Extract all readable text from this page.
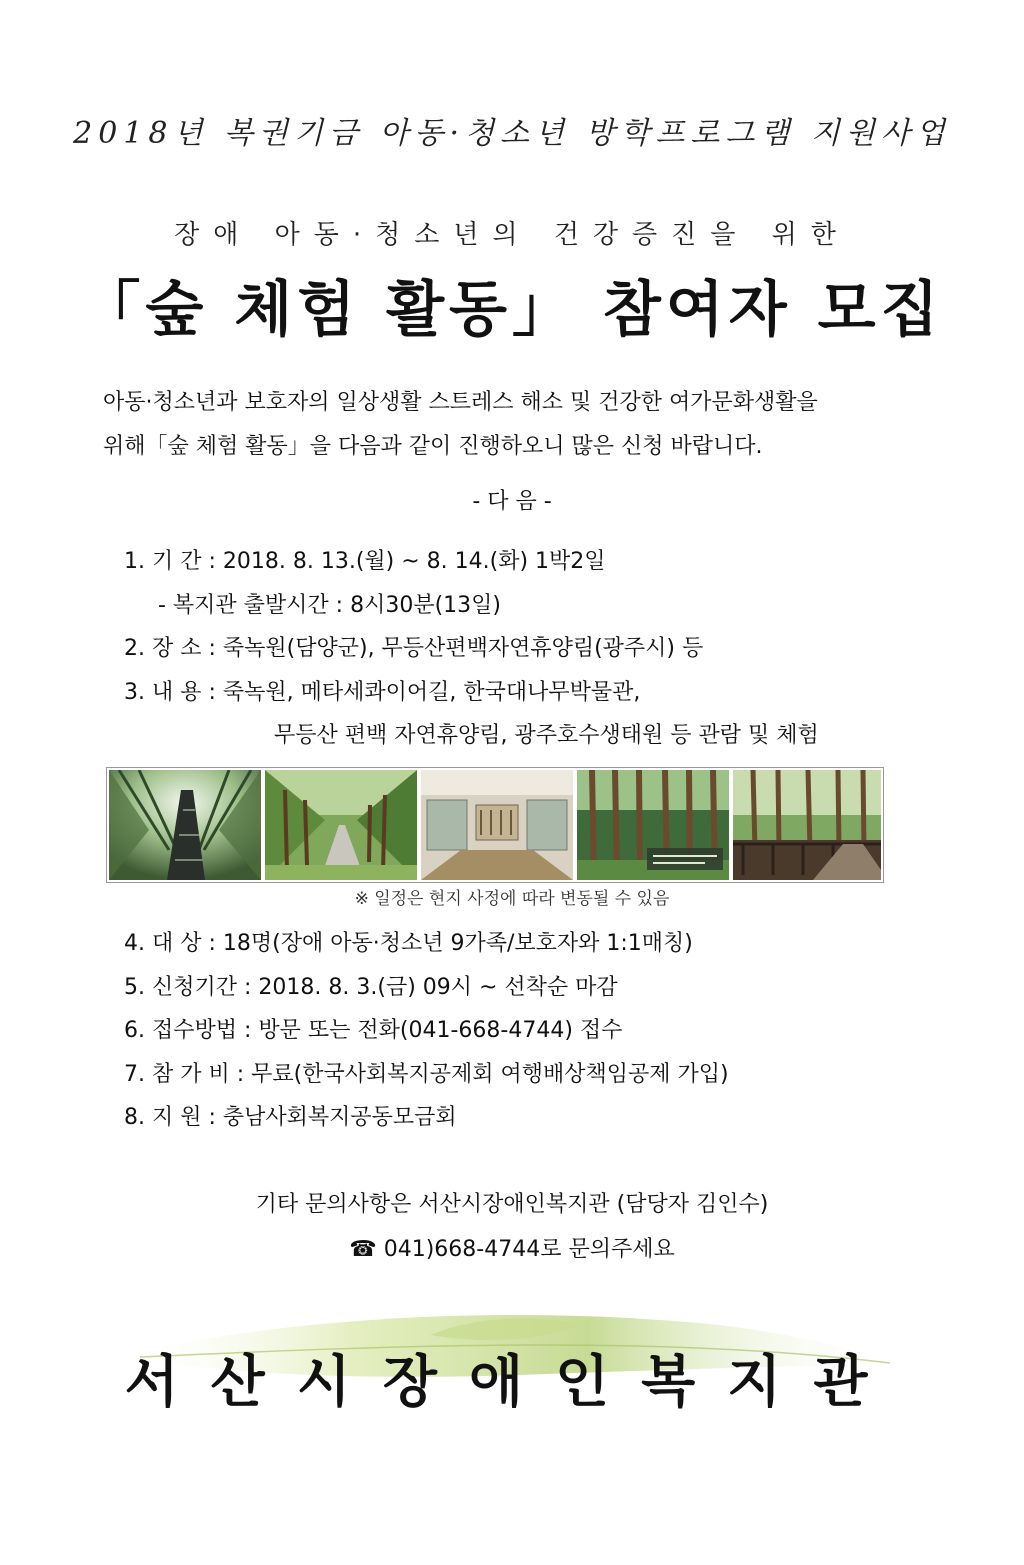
2018년 복권기금 아동·청소년 방학프로그램 지원사업
장애 아동·청소년의 건강증진을 위한
「숲 체험 활동」 참여자 모집
아동·청소년과 보호자의 일상생활 스트레스 해소 및 건강한 여가문화생활을
위해「숲 체험 활동」을 다음과 같이 진행하오니 많은 신청 바랍니다.
- 다 음 -
1. 기 간 : 2018. 8. 13.(월) ~ 8. 14.(화) 1박2일
- 복지관 출발시간 : 8시30분(13일)
2. 장 소 : 죽녹원(담양군), 무등산편백자연휴양림(광주시) 등
3. 내 용 : 죽녹원, 메타세콰이어길, 한국대나무박물관,
무등산 편백 자연휴양림, 광주호수생태원 등 관람 및 체험
※ 일정은 현지 사정에 따라 변동될 수 있음
4. 대 상 : 18명(장애 아동·청소년 9가족/보호자와 1:1매칭)
5. 신청기간 : 2018. 8. 3.(금) 09시 ~ 선착순 마감
6. 접수방법 : 방문 또는 전화(041-668-4744) 접수
7. 참 가 비 : 무료(한국사회복지공제회 여행배상책임공제 가입)
8. 지 원 : 충남사회복지공동모금회
기타 문의사항은 서산시장애인복지관 (담당자 김인수)
☎ 041)668-4744로 문의주세요
서산시장애인복지관
